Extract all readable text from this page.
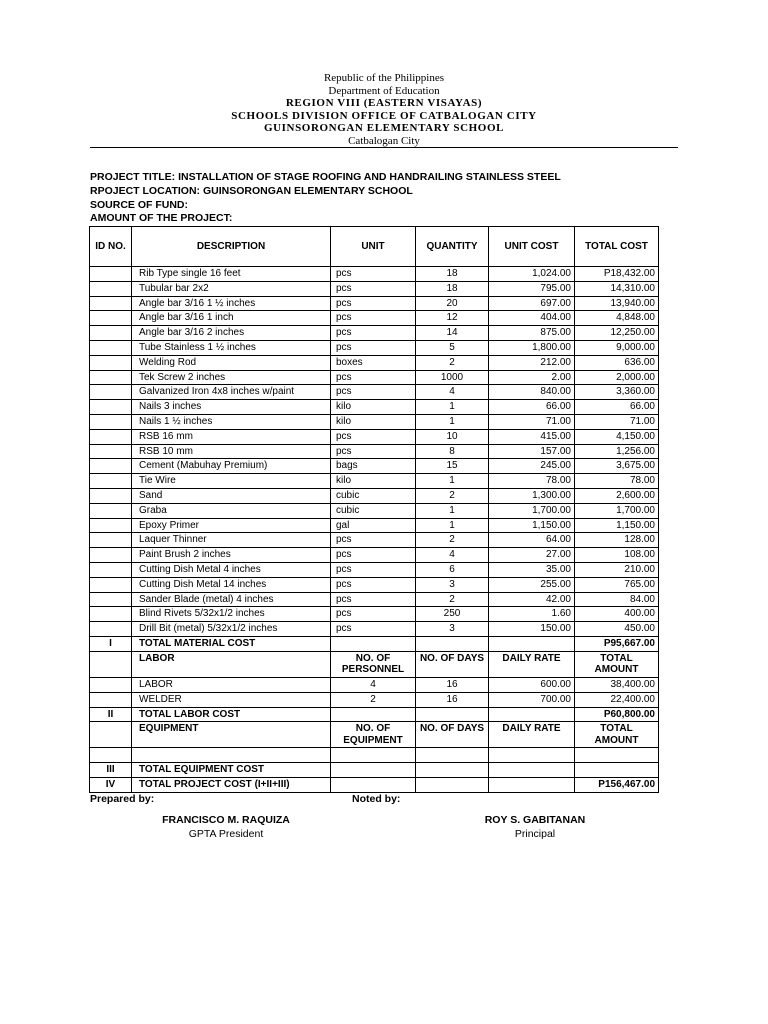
Republic of the Philippines
Department of Education
REGION VIII (EASTERN VISAYAS)
SCHOOLS DIVISION OFFICE OF CATBALOGAN CITY
GUINSORONGAN ELEMENTARY SCHOOL
Catbalogan City
PROJECT TITLE: INSTALLATION OF STAGE ROOFING AND HANDRAILING STAINLESS STEEL
RPOJECT LOCATION: GUINSORONGAN ELEMENTARY SCHOOL
SOURCE OF FUND:
AMOUNT OF THE PROJECT:
ID NO.	DESCRIPTION	UNIT	QUANTITY	UNIT COST	TOTAL COST
	Rib Type single 16 feet	pcs	18	1,024.00	P18,432.00
	Tubular bar 2x2	pcs	18	795.00	14,310.00
	Angle bar 3/16 1 ½ inches	pcs	20	697.00	13,940.00
	Angle bar 3/16 1 inch	pcs	12	404.00	4,848.00
	Angle bar 3/16 2 inches	pcs	14	875.00	12,250.00
	Tube Stainless 1 ½ inches	pcs	5	1,800.00	9,000.00
	Welding Rod	boxes	2	212.00	636.00
	Tek Screw 2 inches	pcs	1000	2.00	2,000.00
	Galvanized Iron 4x8 inches w/paint	pcs	4	840.00	3,360.00
	Nails 3 inches	kilo	1	66.00	66.00
	Nails 1 ½ inches	kilo	1	71.00	71.00
	RSB 16 mm	pcs	10	415.00	4,150.00
	RSB 10 mm	pcs	8	157.00	1,256.00
	Cement (Mabuhay Premium)	bags	15	245.00	3,675.00
	Tie Wire	kilo	1	78.00	78.00
	Sand	cubic	2	1,300.00	2,600.00
	Graba	cubic	1	1,700.00	1,700.00
	Epoxy Primer	gal	1	1,150.00	1,150.00
	Laquer Thinner	pcs	2	64.00	128.00
	Paint Brush 2 inches	pcs	4	27.00	108.00
	Cutting Dish Metal 4 inches	pcs	6	35.00	210.00
	Cutting Dish Metal 14 inches	pcs	3	255.00	765.00
	Sander Blade (metal) 4 inches	pcs	2	42.00	84.00
	Blind Rivets 5/32x1/2 inches	pcs	250	1.60	400.00
	Drill Bit (metal) 5/32x1/2 inches	pcs	3	150.00	450.00
I	TOTAL MATERIAL COST				P95,667.00
	LABOR	NO. OF PERSONNEL	NO. OF DAYS	DAILY RATE	TOTAL AMOUNT
	LABOR	4	16	600.00	38,400.00
	WELDER	2	16	700.00	22,400.00
II	TOTAL LABOR COST				P60,800.00
	EQUIPMENT	NO. OF EQUIPMENT	NO. OF DAYS	DAILY RATE	TOTAL AMOUNT

III	TOTAL EQUIPMENT COST				
IV	TOTAL PROJECT COST (I+II+III)				P156,467.00
Prepared by:	Noted by:
FRANCISCO M. RAQUIZA
GPTA President
ROY S. GABITANAN
Principal
